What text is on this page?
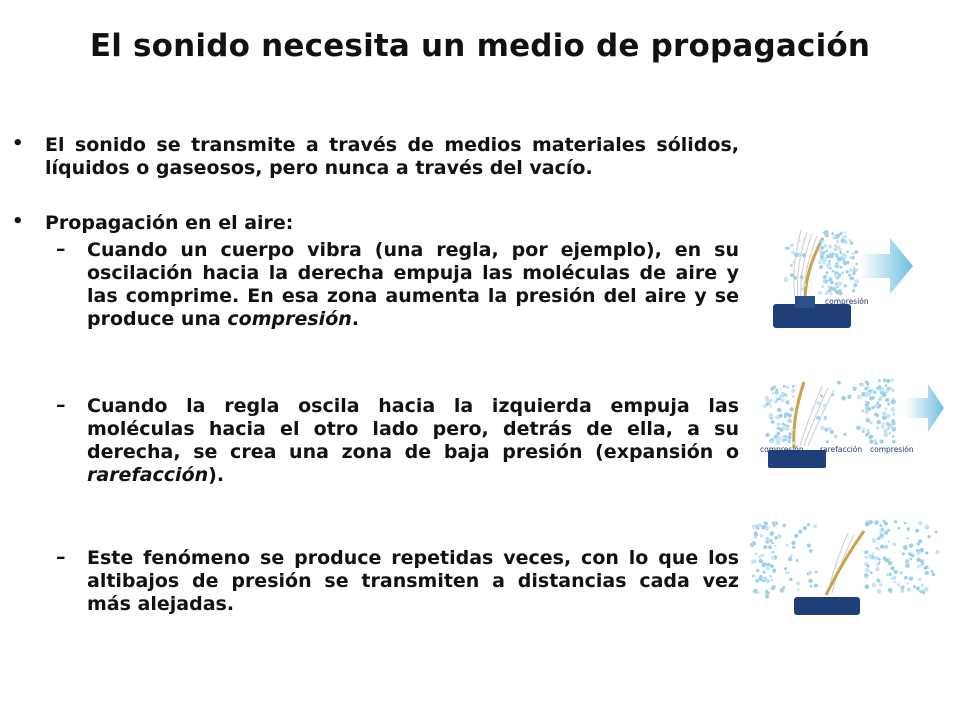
El sonido necesita un medio de propagación
• El sonido se transmite a través de medios materiales sólidos, líquidos o gaseosos, pero nunca a través del vacío.
• Propagación en el aire:
– Cuando un cuerpo vibra (una regla, por ejemplo), en su oscilación hacia la derecha empuja las moléculas de aire y las comprime. En esa zona aumenta la presión del aire y se produce una compresión.
– Cuando la regla oscila hacia la izquierda empuja las moléculas hacia el otro lado pero, detrás de ella, a su derecha, se crea una zona de baja presión (expansión o rarefacción).
– Este fenómeno se produce repetidas veces, con lo que los altibajos de presión se transmiten a distancias cada vez más alejadas.
compresión
compresión rarefacción compresión
